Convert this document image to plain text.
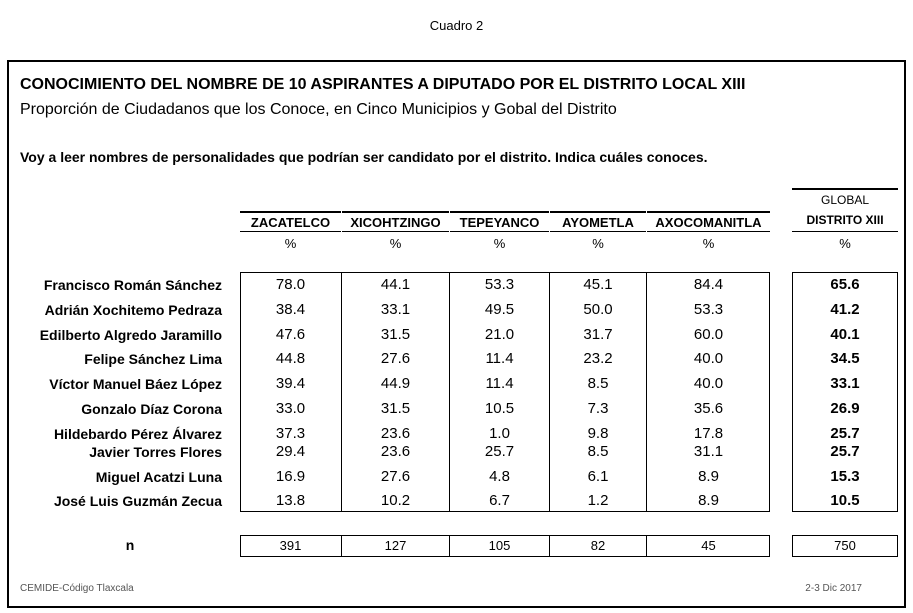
Cuadro 2
CONOCIMIENTO DEL NOMBRE DE 10 ASPIRANTES A DIPUTADO POR EL DISTRITO LOCAL XIII
Proporción de Ciudadanos que los Conoce, en Cinco Municipios y Gobal del Distrito
Voy a leer nombres de personalidades que podrían ser candidato por el distrito. Indica cuáles conoces.
ZACATELCO	XICOHTZINGO	TEPEYANCO	AYOMETLA	AXOCOMANITLA
GLOBAL
DISTRITO XIII
%	%	%	%	%	%
Francisco Román Sánchez	78.0	44.1	53.3	45.1	84.4	65.6
Adrián Xochitemo Pedraza	38.4	33.1	49.5	50.0	53.3	41.2
Edilberto Algredo Jaramillo	47.6	31.5	21.0	31.7	60.0	40.1
Felipe Sánchez Lima	44.8	27.6	11.4	23.2	40.0	34.5
Víctor Manuel Báez López	39.4	44.9	11.4	8.5	40.0	33.1
Gonzalo Díaz Corona	33.0	31.5	10.5	7.3	35.6	26.9
Hildebardo Pérez Álvarez	37.3	23.6	1.0	9.8	17.8	25.7
Javier Torres Flores	29.4	23.6	25.7	8.5	31.1	25.7
Miguel Acatzi Luna	16.9	27.6	4.8	6.1	8.9	15.3
José Luis Guzmán Zecua	13.8	10.2	6.7	1.2	8.9	10.5
n	391	127	105	82	45	750
CEMIDE-Código Tlaxcala	2-3 Dic 2017
